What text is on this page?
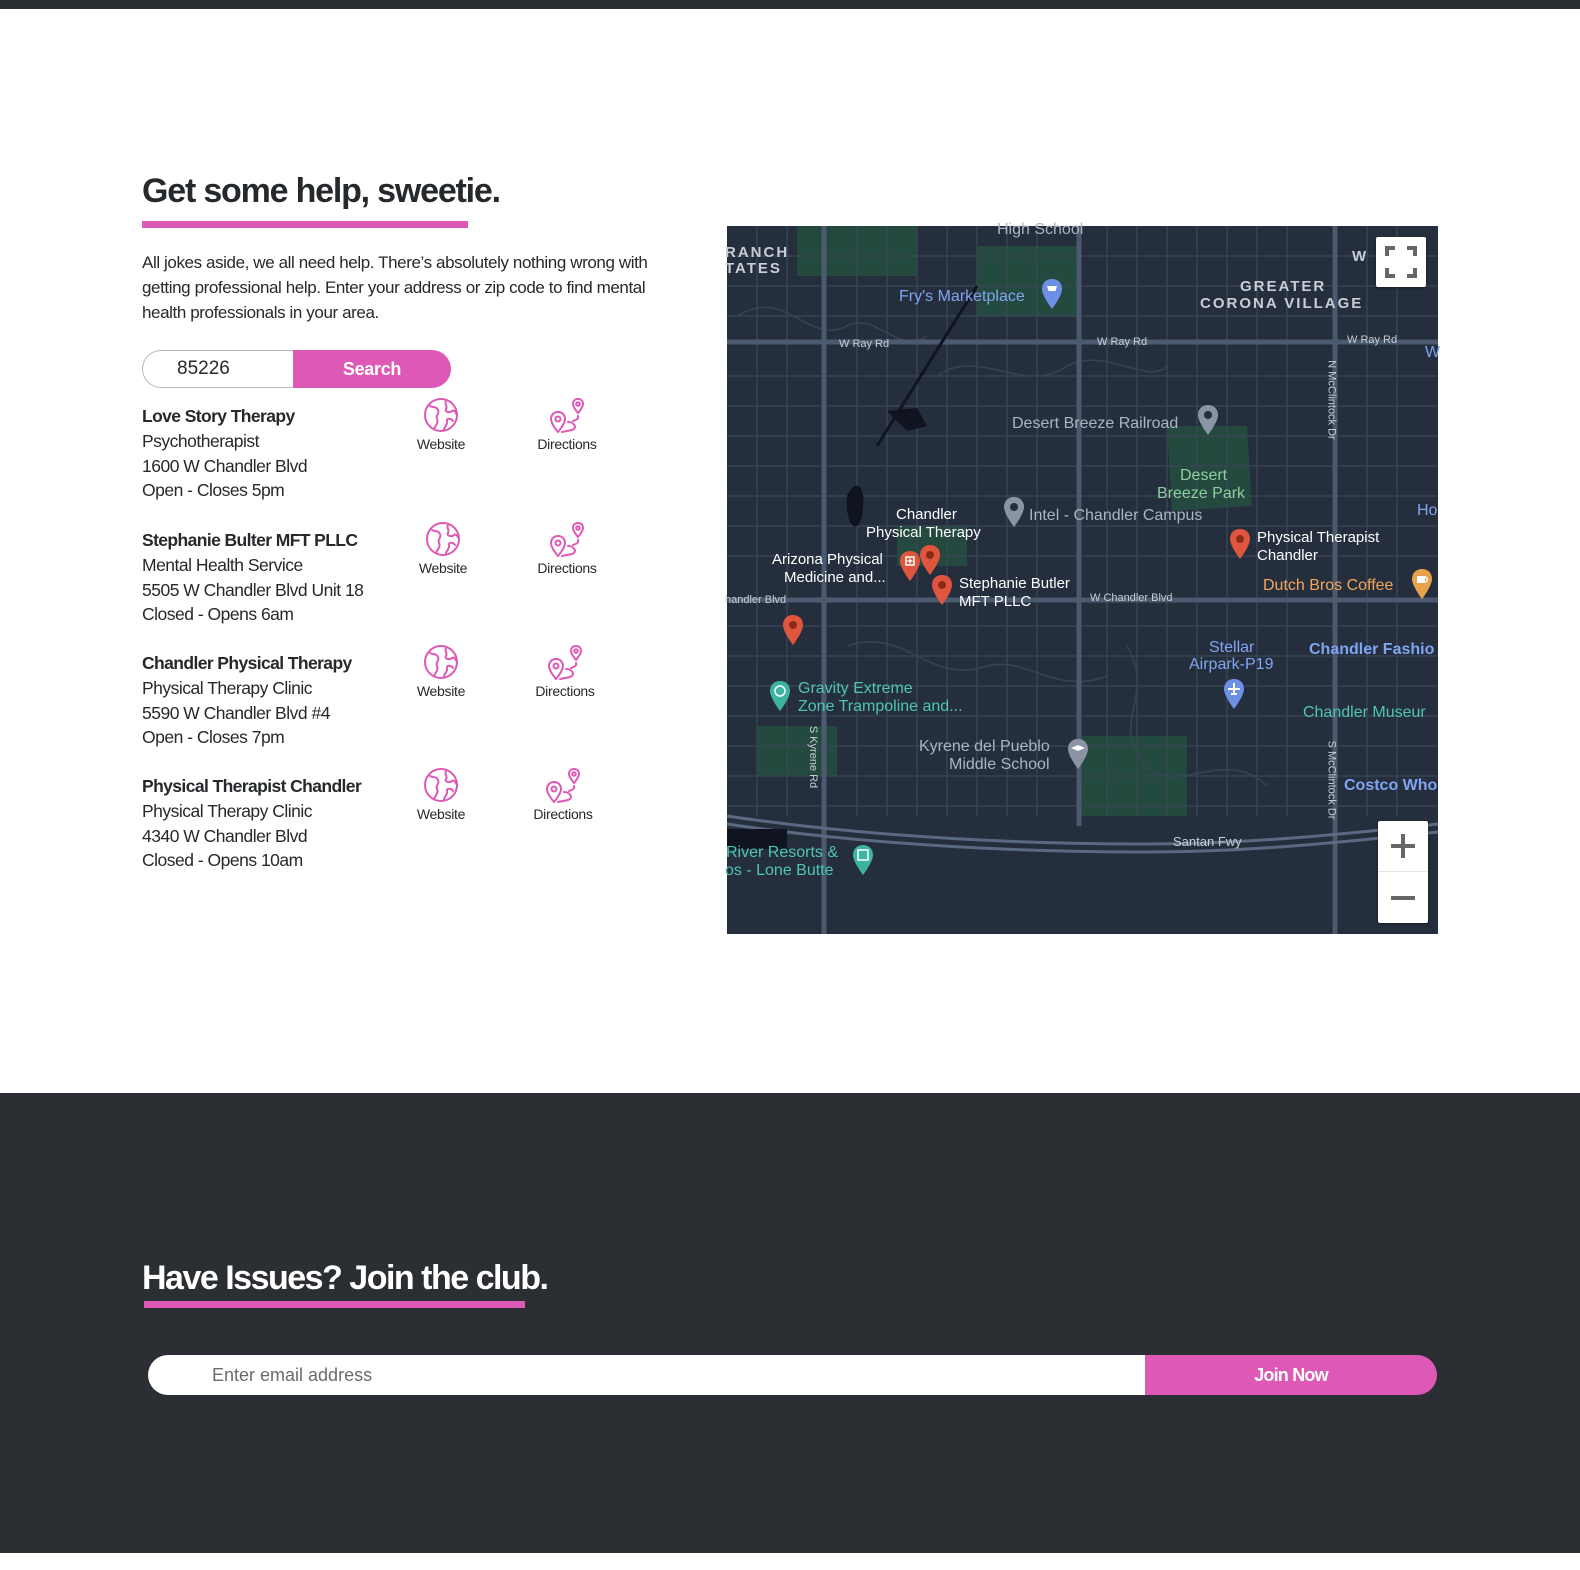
Get some help, sweetie.

All jokes aside, we all need help. There’s absolutely nothing wrong with getting professional help. Enter your address or zip code to find mental health professionals in your area.

85226
Search
Love Story Therapy
Psychotherapist
1600 W Chandler Blvd
Open - Closes 5pm
Website	Directions
Stephanie Bulter MFT PLLC
Mental Health Service
5505 W Chandler Blvd Unit 18
Closed - Opens 6am
Website	Directions
Chandler Physical Therapy
Physical Therapy Clinic
5590 W Chandler Blvd #4
Open - Closes 7pm
Website	Directions
Physical Therapist Chandler
Physical Therapy Clinic
4340 W Chandler Blvd
Closed - Opens 10am
Website	Directions
High School
RANCH
TATES
W
Fry's Marketplace
GREATER
CORONA VILLAGE
W Ray Rd	W Ray Rd	W Ray Rd
W
Desert Breeze Railroad
Desert
Breeze Park
Ho
Intel - Chandler Campus
Chandler
Physical Therapy	Physical Therapist
Chandler
Arizona Physical
Medicine and...	Stephanie Butler
MFT PLLC
Dutch Bros Coffee
handler Blvd	W Chandler Blvd
Stellar
Airpark-P19
Chandler Fashio
Gravity Extreme
Zone Trampoline and...	Chandler Museur
Kyrene del Pueblo
Middle School
Costco Who
S Kyrene Rd
N McClintock Dr
S McClintock Dr
Santan Fwy
River Resorts &
os - Lone Butte
Have Issues? Join the club.
Enter email address
Join Now
